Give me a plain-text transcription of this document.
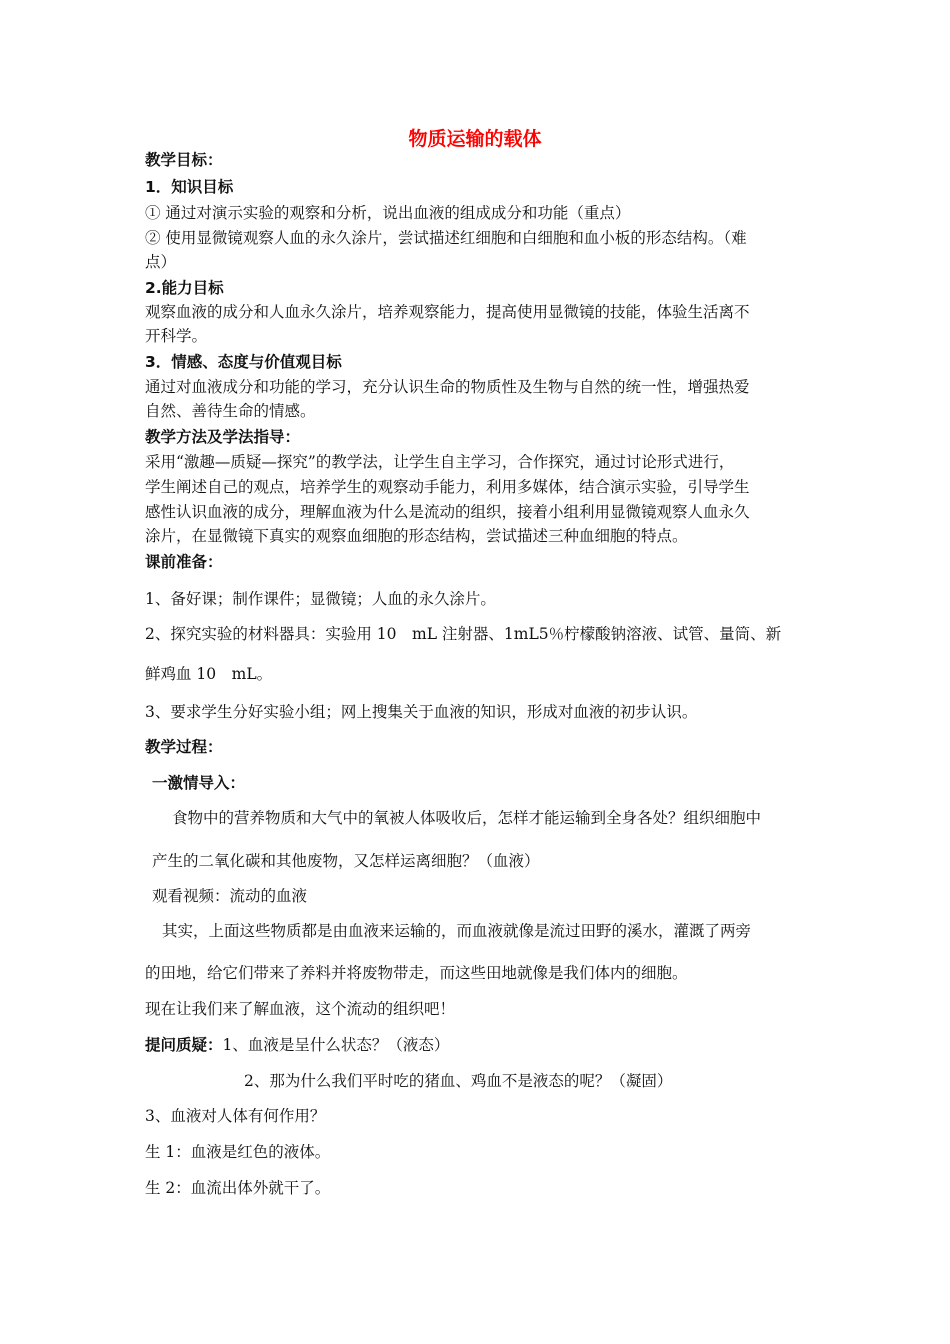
物质运输的载体
教学目标：
1．知识目标
① 通过对演示实验的观察和分析，说出血液的组成成分和功能（重点）
② 使用显微镜观察人血的永久涂片，尝试描述红细胞和白细胞和血小板的形态结构。（难
点）
2.能力目标
观察血液的成分和人血永久涂片，培养观察能力，提高使用显微镜的技能，体验生活离不
开科学。
3．情感、态度与价值观目标
通过对血液成分和功能的学习，充分认识生命的物质性及生物与自然的统一性，增强热爱
自然、善待生命的情感。
教学方法及学法指导：
采用“激趣—质疑—探究”的教学法，让学生自主学习，合作探究，通过讨论形式进行，
学生阐述自己的观点，培养学生的观察动手能力，利用多媒体，结合演示实验，引导学生
感性认识血液的成分，理解血液为什么是流动的组织，接着小组利用显微镜观察人血永久
涂片，在显微镜下真实的观察血细胞的形态结构，尝试描述三种血细胞的特点。
课前准备：
1、备好课；制作课件；显微镜；人血的永久涂片。
2、探究实验的材料器具：实验用 10　mL 注射器、1mL5％柠檬酸钠溶液、试管、量筒、新
鲜鸡血 10　mL。
3、要求学生分好实验小组；网上搜集关于血液的知识，形成对血液的初步认识。
教学过程：
一激情导入：
食物中的营养物质和大气中的氧被人体吸收后，怎样才能运输到全身各处？组织细胞中
产生的二氧化碳和其他废物，又怎样运离细胞？（血液）
观看视频：流动的血液
其实，上面这些物质都是由血液来运输的，而血液就像是流过田野的溪水，灌溉了两旁
的田地，给它们带来了养料并将废物带走，而这些田地就像是我们体内的细胞。
现在让我们来了解血液，这个流动的组织吧！
提问质疑：1、血液是呈什么状态？（液态）
2、那为什么我们平时吃的猪血、鸡血不是液态的呢？（凝固）
3、血液对人体有何作用？
生 1：血液是红色的液体。
生 2：血流出体外就干了。
